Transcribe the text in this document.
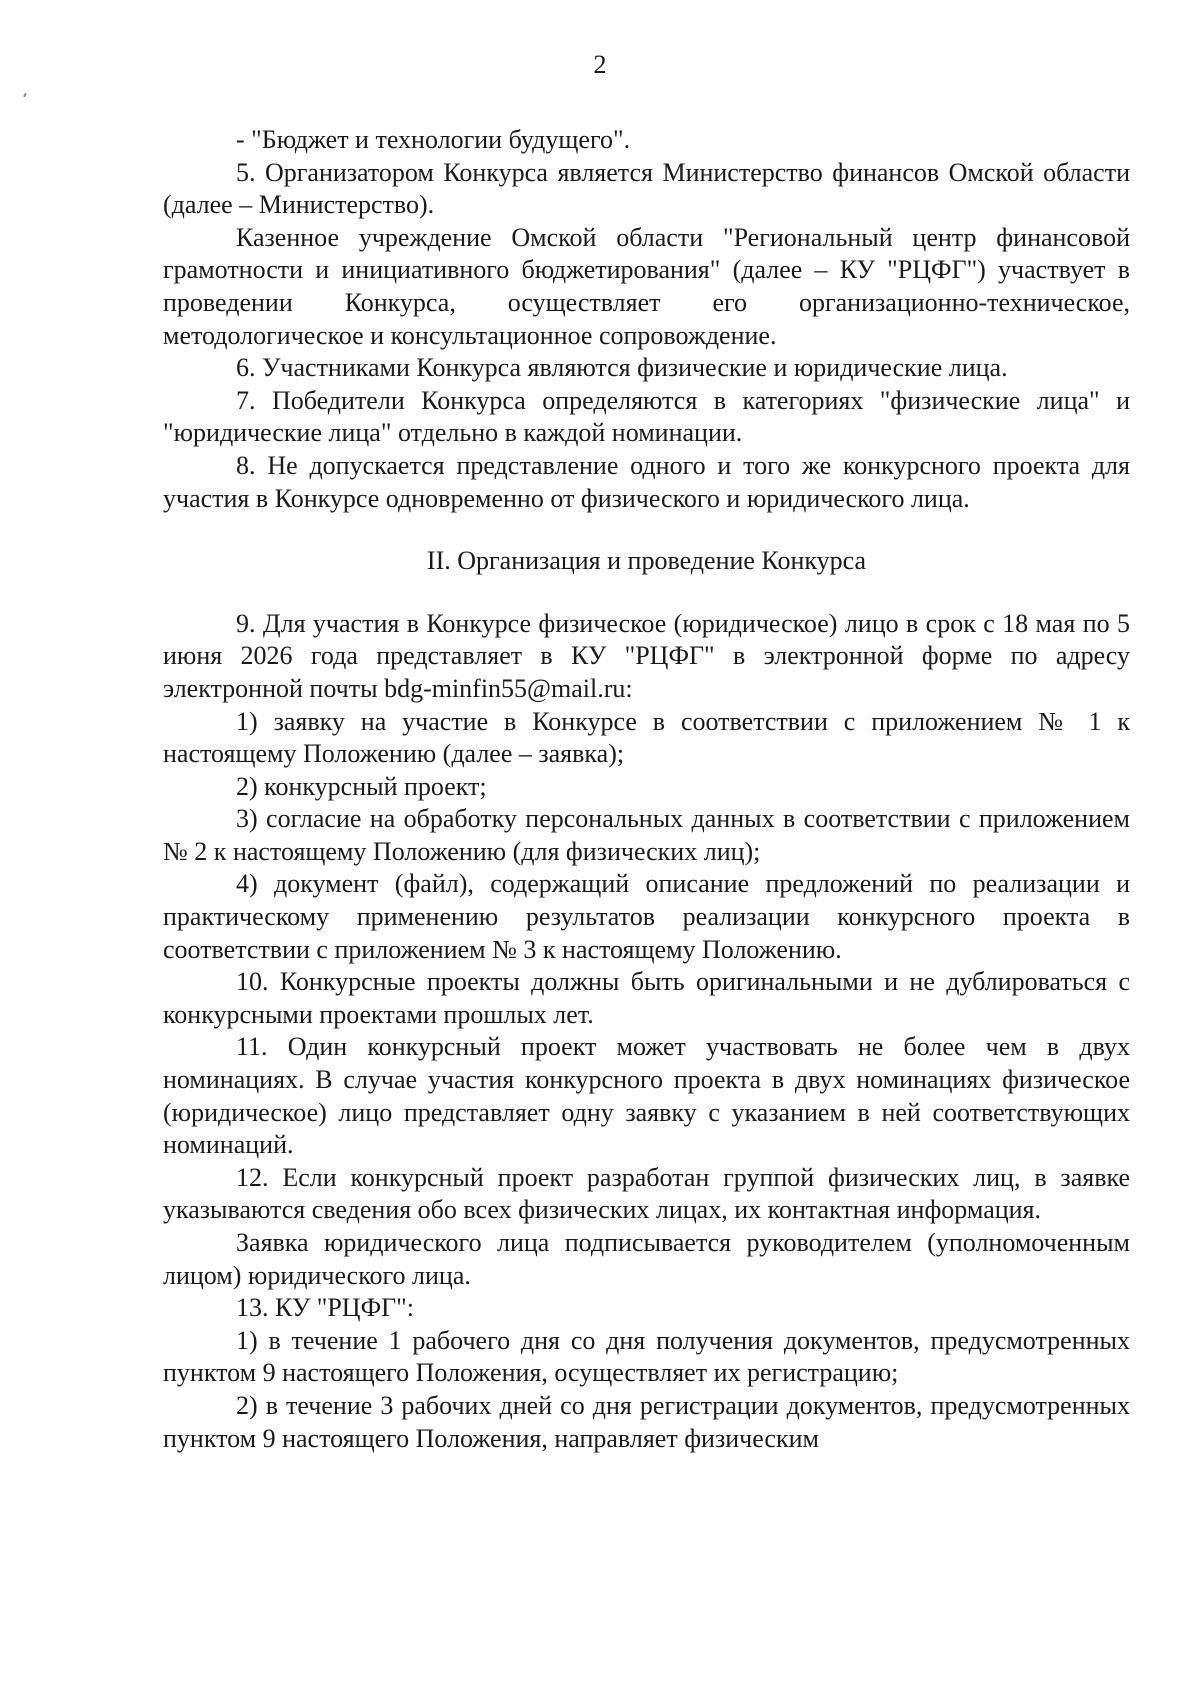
2

- "Бюджет и технологии будущего".

5. Организатором Конкурса является Министерство финансов Омской области (далее – Министерство).

Казенное учреждение Омской области "Региональный центр финансовой грамотности и инициативного бюджетирования" (далее – КУ "РЦФГ") участвует в проведении Конкурса, осуществляет его организационно-техническое, методологическое и консультационное сопровождение.

6. Участниками Конкурса являются физические и юридические лица.

7. Победители Конкурса определяются в категориях "физические лица" и "юридические лица" отдельно в каждой номинации.

8. Не допускается представление одного и того же конкурсного проекта для участия в Конкурсе одновременно от физического и юридического лица.

II. Организация и проведение Конкурса

9. Для участия в Конкурсе физическое (юридическое) лицо в срок с 18 мая по 5 июня 2026 года представляет в КУ "РЦФГ" в электронной форме по адресу электронной почты bdg-minfin55@mail.ru:

1) заявку на участие в Конкурсе в соответствии с приложением № 1 к настоящему Положению (далее – заявка);

2) конкурсный проект;

3) согласие на обработку персональных данных в соответствии с приложением № 2 к настоящему Положению (для физических лиц);

4) документ (файл), содержащий описание предложений по реализации и практическому применению результатов реализации конкурсного проекта в соответствии с приложением № 3 к настоящему Положению.

10. Конкурсные проекты должны быть оригинальными и не дублироваться с конкурсными проектами прошлых лет.

11. Один конкурсный проект может участвовать не более чем в двух номинациях. В случае участия конкурсного проекта в двух номинациях физическое (юридическое) лицо представляет одну заявку с указанием в ней соответствующих номинаций.

12. Если конкурсный проект разработан группой физических лиц, в заявке указываются сведения обо всех физических лицах, их контактная информация.

Заявка юридического лица подписывается руководителем (уполномоченным лицом) юридического лица.

13. КУ "РЦФГ":

1) в течение 1 рабочего дня со дня получения документов, предусмотренных пунктом 9 настоящего Положения, осуществляет их регистрацию;

2) в течение 3 рабочих дней со дня регистрации документов, предусмотренных пунктом 9 настоящего Положения, направляет физическим
